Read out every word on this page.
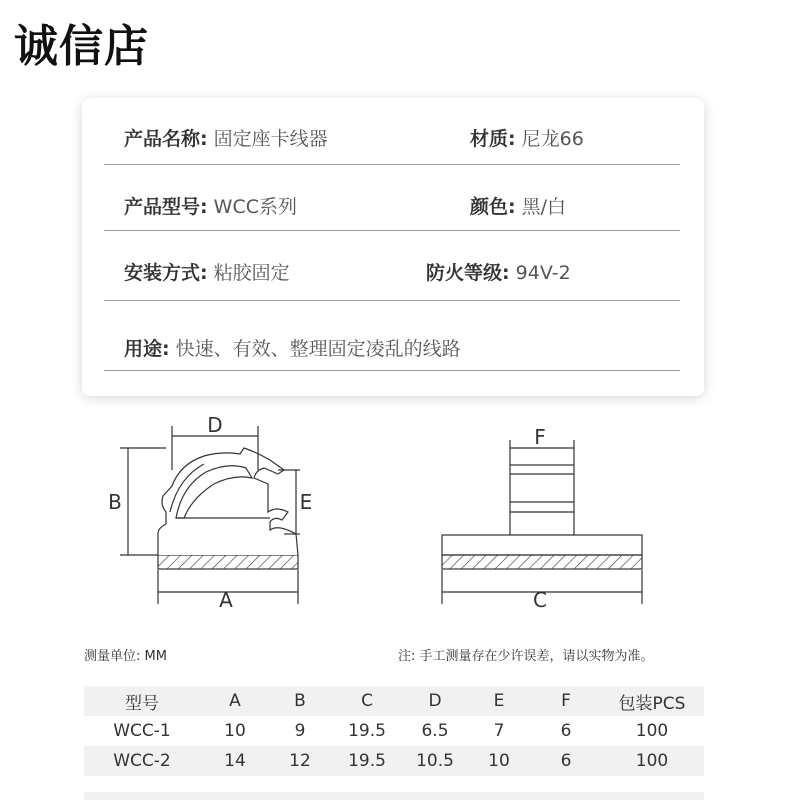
诚信店
产品名称: 固定座卡线器	材质: 尼龙66
产品型号: WCC系列	颜色: 黑/白
安装方式: 粘胶固定	防火等级: 94V-2
用途: 快速、有效、整理固定凌乱的线路
D
B	E
A
F
C
测量单位: MM	注: 手工测量存在少许误差，请以实物为准。
型号	A	B	C	D	E	F	包装PCS
WCC-1	10	9	19.5	6.5	7	6	100
WCC-2	14	12	19.5	10.5	10	6	100
